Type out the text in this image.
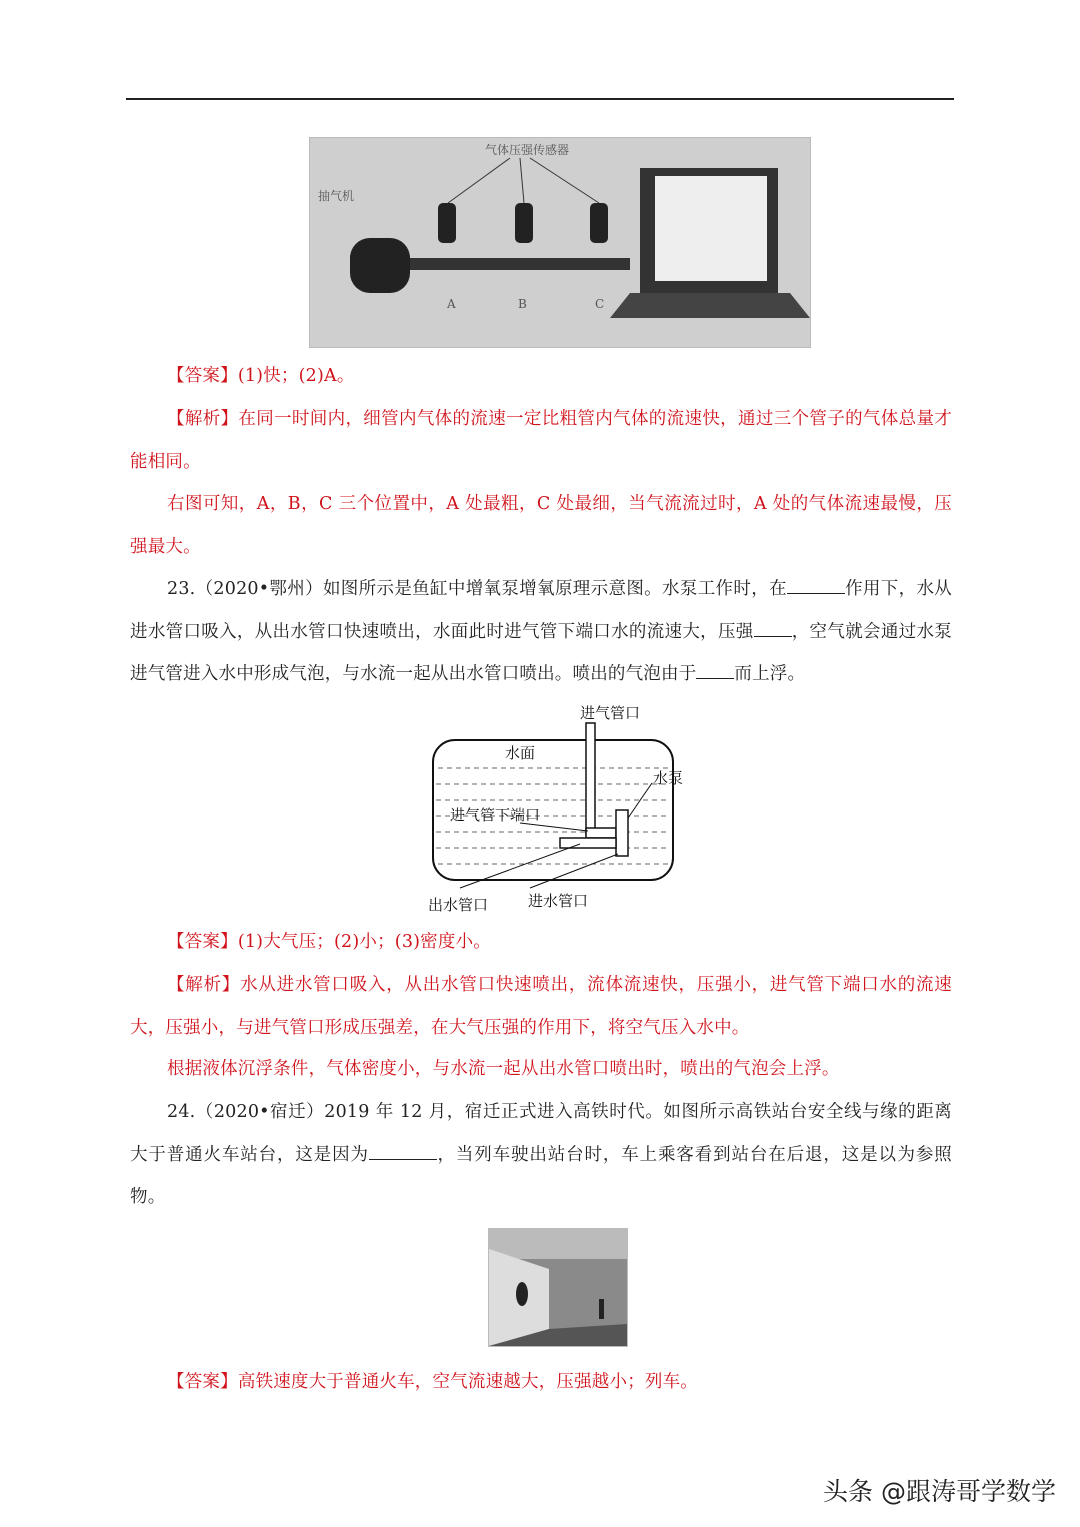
气体压强传感器
抽气机
A	B	C
【答案】(1)快；(2)A。
【解析】在同一时间内，细管内气体的流速一定比粗管内气体的流速快，通过三个管子的气体总量才能相同。
右图可知，A，B，C 三个位置中，A 处最粗，C 处最细，当气流流过时，A 处的气体流速最慢，压强最大。
23.（2020•鄂州）如图所示是鱼缸中增氧泵增氧原理示意图。水泵工作时，在	作用下，水从进水管口吸入，从出水管口快速喷出，水面此时进气管下端口水的流速大，压强 ，空气就会通过水泵进气管进入水中形成气泡，与水流一起从出水管口喷出。喷出的气泡由于 而上浮。
进气管口
水面
水泵
进气管下端口
出水管口	进水管口
【答案】(1)大气压；(2)小；(3)密度小。
【解析】水从进水管口吸入，从出水管口快速喷出，流体流速快，压强小，进气管下端口水的流速大，压强小，与进气管口形成压强差，在大气压强的作用下，将空气压入水中。
根据液体沉浮条件，气体密度小，与水流一起从出水管口喷出时，喷出的气泡会上浮。
24.（2020•宿迁）2019 年 12 月，宿迁正式进入高铁时代。如图所示高铁站台安全线与缘的距离大于普通火车站台，这是因为	，当列车驶出站台时，车上乘客看到站台在后退，这是以为参照物。
【答案】高铁速度大于普通火车，空气流速越大，压强越小；列车。
头条 @跟涛哥学数学
